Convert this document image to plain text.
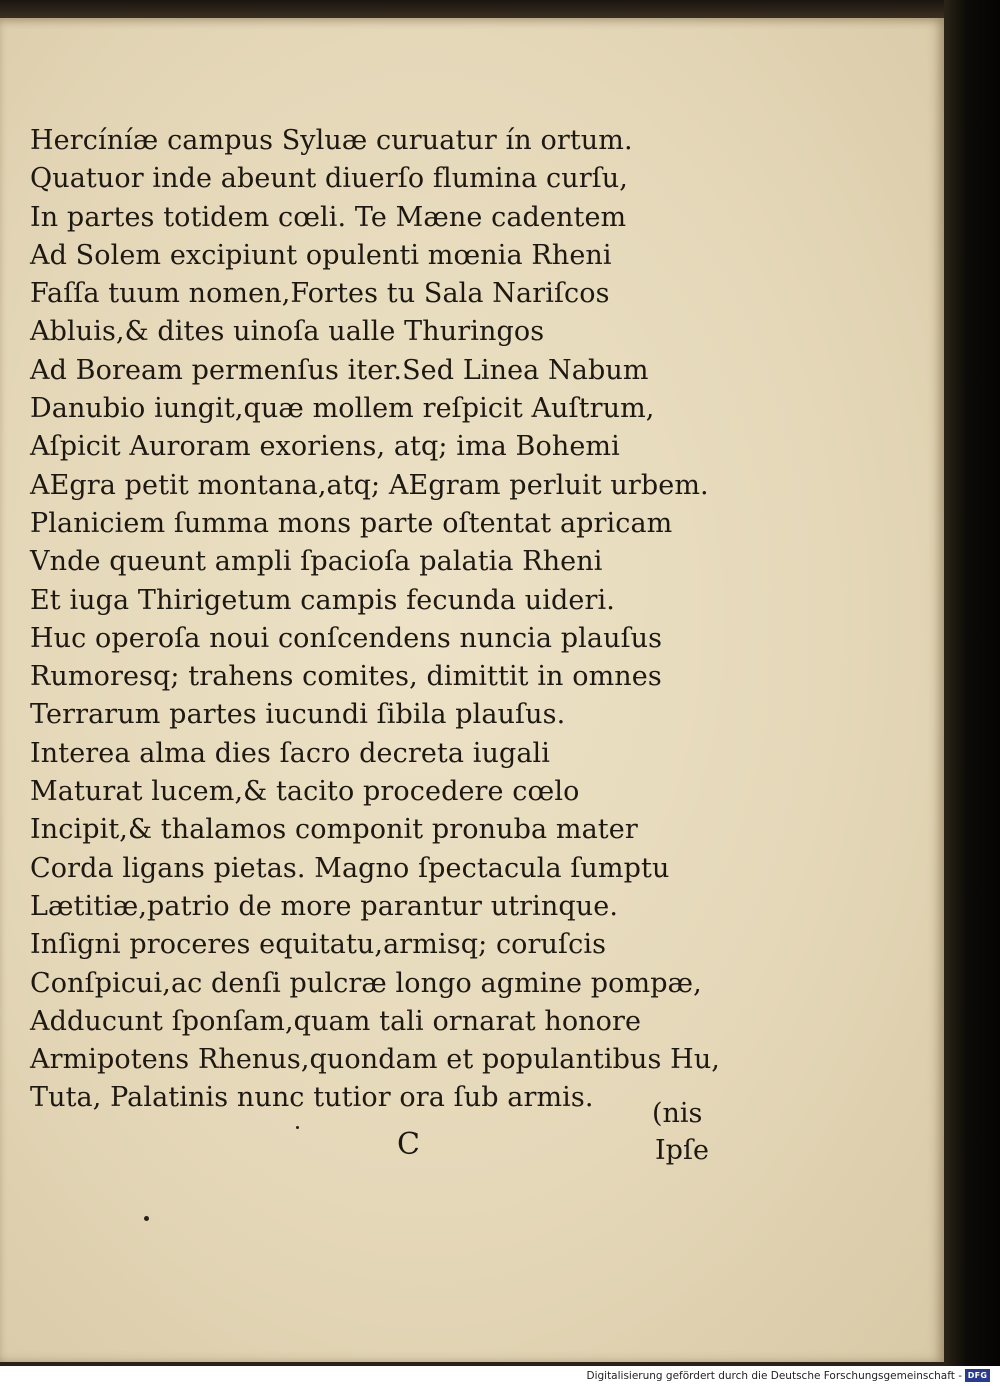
Hercíníæ campus Syluæ curuatur ín ortum.
Quatuor inde abeunt diuerſo flumina curſu,
In partes totidem cœli. Te Mæne cadentem
Ad Solem excipiunt opulenti mœnia Rheni
Faſſa tuum nomen,Fortes tu Sala Nariſcos
Abluis,& dites uinoſa ualle Thuringos
Ad Boream permenſus iter.Sed Linea Nabum
Danubio iungit,quæ mollem reſpicit Auſtrum,
Aſpicit Auroram exoriens, atq; ima Bohemi
AEgra petit montana,atq; AEgram perluit urbem.
Planiciem ſumma mons parte oſtentat apricam
Vnde queunt ampli ſpacioſa palatia Rheni
Et iuga Thirigetum campis fecunda uideri.
Huc operoſa noui conſcendens nuncia plauſus
Rumoresq; trahens comites, dimittit in omnes
Terrarum partes iucundi ſibila plauſus.
Interea alma dies ſacro decreta iugali
Maturat lucem,& tacito procedere cœlo
Incipit,& thalamos componit pronuba mater
Corda ligans pietas. Magno ſpectacula ſumptu
Lætitiæ,patrio de more parantur utrinque.
Inſigni proceres equitatu,armisq; coruſcis
Conſpicui,ac denſi pulcræ longo agmine pompæ,
Adducunt ſponſam,quam tali ornarat honore
Armipotens Rhenus,quondam et populantibus Hu,
Tuta, Palatinis nunc tutior ora ſub armis.
(nis
C	Ipſe
Digitalisierung gefördert durch die Deutsche Forschungsgemeinschaft - DFG
